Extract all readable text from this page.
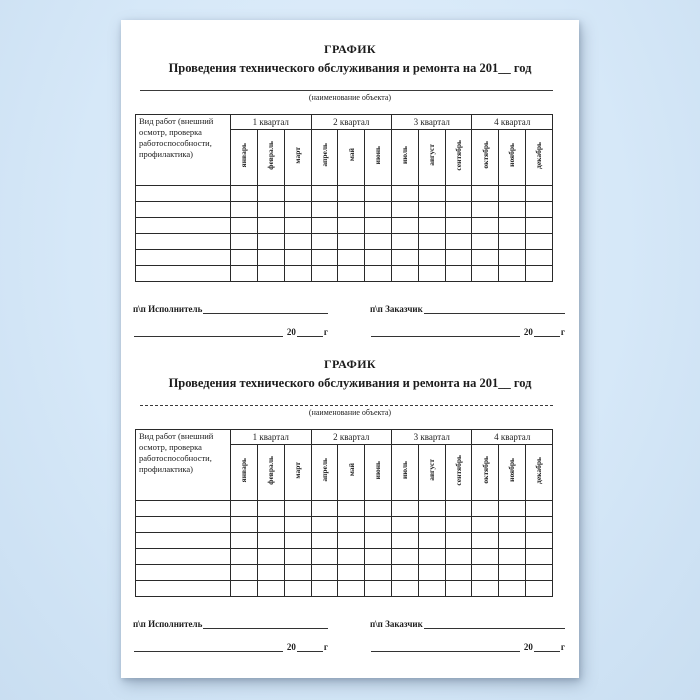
ГРАФИК
Проведения технического обслуживания и ремонта на 201__ год
(наименование объекта)
Вид работ (внешний осмотр, проверка работоспособности, профилактика)	1 квартал			2 квартал			3 квартал			4 квартал		
	январь	февраль	март	апрель	май	июнь	июль	август	сентябрь	октябрь	ноябрь	декабрь

п\п Исполнитель
20	г
п\п Заказчик
20	г
ГРАФИК
Проведения технического обслуживания и ремонта на 201__ год
(наименование объекта)
Вид работ (внешний осмотр, проверка работоспособности, профилактика)	1 квартал			2 квартал			3 квартал			4 квартал		
	январь	февраль	март	апрель	май	июнь	июль	август	сентябрь	октябрь	ноябрь	декабрь

п\п Исполнитель
20	г
п\п Заказчик
20	г
